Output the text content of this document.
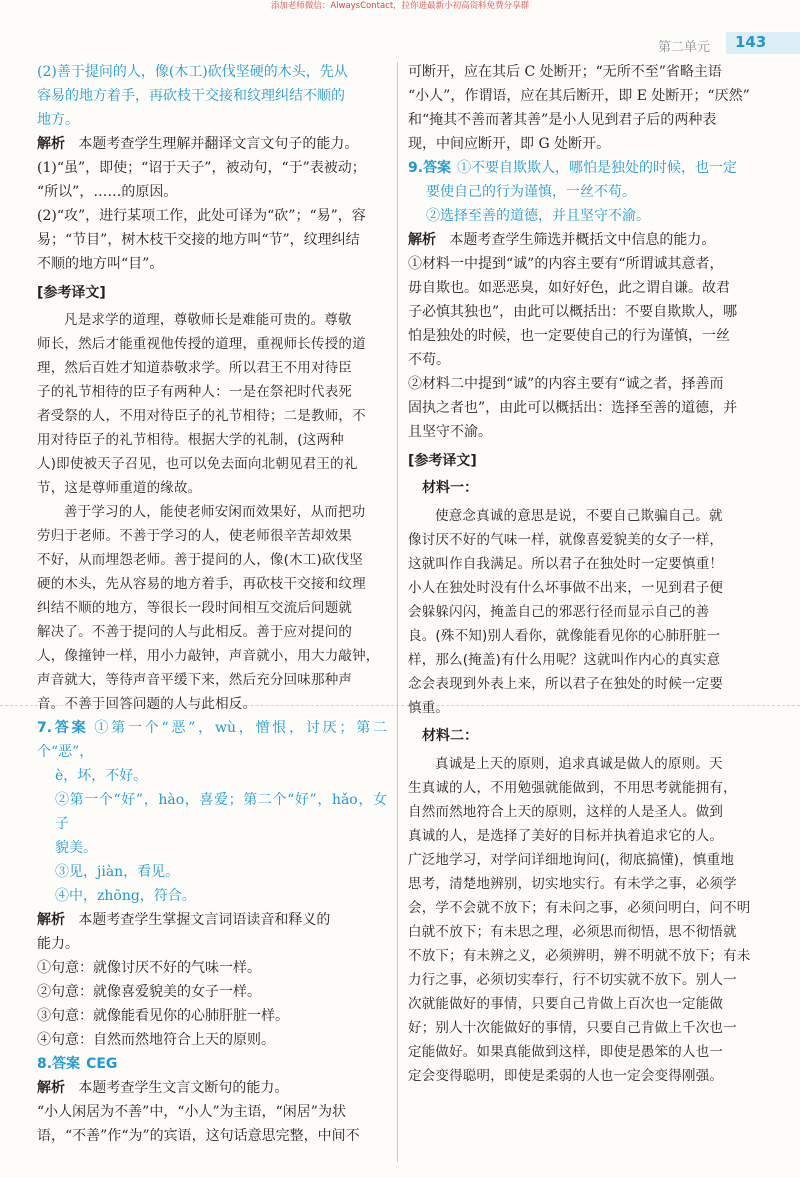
添加老师微信：AlwaysContact，拉你进最新小初高资料免费分享群
第二单元 143

(2)善于提问的人，像(木工)砍伐坚硬的木头，先从

容易的地方着手，再砍枝干交接和纹理纠结不顺的

地方。

解析 本题考查学生理解并翻译文言文句子的能力。

(1)“虽”，即使；“诏于天子”，被动句，“于”表被动；

“所以”，……的原因。

(2)“攻”，进行某项工作，此处可译为“砍”；“易”，容

易；“节目”，树木枝干交接的地方叫“节”，纹理纠结

不顺的地方叫“目”。

[参考译文]

凡是求学的道理，尊敬师长是难能可贵的。尊敬

师长，然后才能重视他传授的道理，重视师长传授的道

理，然后百姓才知道恭敬求学。所以君王不用对待臣

子的礼节相待的臣子有两种人：一是在祭祀时代表死

者受祭的人，不用对待臣子的礼节相待；二是教师，不

用对待臣子的礼节相待。根据大学的礼制，(这两种

人)即使被天子召见，也可以免去面向北朝见君王的礼

节，这是尊师重道的缘故。

善于学习的人，能使老师安闲而效果好，从而把功

劳归于老师。不善于学习的人，使老师很辛苦却效果

不好，从而埋怨老师。善于提问的人，像(木工)砍伐坚

硬的木头，先从容易的地方着手，再砍枝干交接和纹理

纠结不顺的地方，等很长一段时间相互交流后问题就

解决了。不善于提问的人与此相反。善于应对提问的

人，像撞钟一样，用小力敲钟，声音就小，用大力敲钟，

声音就大，等待声音平缓下来，然后充分回味那种声

音。不善于回答问题的人与此相反。

7.答案 ①第一个“恶”，wù，憎恨，讨厌；第二个“恶”，

è，坏，不好。

②第一个“好”，hào，喜爱；第二个“好”，hǎo，女子

貌美。

③见，jiàn，看见。

④中，zhōng，符合。

解析 本题考查学生掌握文言词语读音和释义的

能力。

①句意：就像讨厌不好的气味一样。

②句意：就像喜爱貌美的女子一样。

③句意：就像能看见你的心肺肝脏一样。

④句意：自然而然地符合上天的原则。

8.答案 CEG

解析 本题考查学生文言文断句的能力。

“小人闲居为不善”中，“小人”为主语，“闲居”为状

语，“不善”作“为”的宾语，这句话意思完整，中间不

可断开，应在其后 C 处断开；“无所不至”省略主语

“小人”，作谓语，应在其后断开，即 E 处断开；“厌然”

和“掩其不善而著其善”是小人见到君子后的两种表

现，中间应断开，即 G 处断开。

9.答案 ①不要自欺欺人，哪怕是独处的时候，也一定

要使自己的行为谨慎，一丝不苟。

②选择至善的道德，并且坚守不渝。

解析 本题考查学生筛选并概括文中信息的能力。

①材料一中提到“诚”的内容主要有“所谓诚其意者，

毋自欺也。如恶恶臭，如好好色，此之谓自谦。故君

子必慎其独也”，由此可以概括出：不要自欺欺人，哪

怕是独处的时候，也一定要使自己的行为谨慎，一丝

不苟。

②材料二中提到“诚”的内容主要有“诚之者，择善而

固执之者也”，由此可以概括出：选择至善的道德，并

且坚守不渝。

[参考译文]
材料一：

使意念真诚的意思是说，不要自己欺骗自己。就

像讨厌不好的气味一样，就像喜爱貌美的女子一样，

这就叫作自我满足。所以君子在独处时一定要慎重！

小人在独处时没有什么坏事做不出来，一见到君子便

会躲躲闪闪，掩盖自己的邪恶行径而显示自己的善

良。(殊不知)别人看你，就像能看见你的心肺肝脏一

样，那么(掩盖)有什么用呢？这就叫作内心的真实意

念会表现到外表上来，所以君子在独处的时候一定要

慎重。

材料二：

真诚是上天的原则，追求真诚是做人的原则。天

生真诚的人，不用勉强就能做到，不用思考就能拥有，

自然而然地符合上天的原则，这样的人是圣人。做到

真诚的人，是选择了美好的目标并执着追求它的人。

广泛地学习，对学问详细地询问(，彻底搞懂)，慎重地

思考，清楚地辨别，切实地实行。有未学之事，必须学

会，学不会就不放下；有未问之事，必须问明白，问不明

白就不放下；有未思之理，必须思而彻悟，思不彻悟就

不放下；有未辨之义，必须辨明，辨不明就不放下；有未

力行之事，必须切实奉行，行不切实就不放下。别人一

次就能做好的事情，只要自己肯做上百次也一定能做

好；别人十次能做好的事情，只要自己肯做上千次也一

定能做好。如果真能做到这样，即使是愚笨的人也一

定会变得聪明，即使是柔弱的人也一定会变得刚强。
